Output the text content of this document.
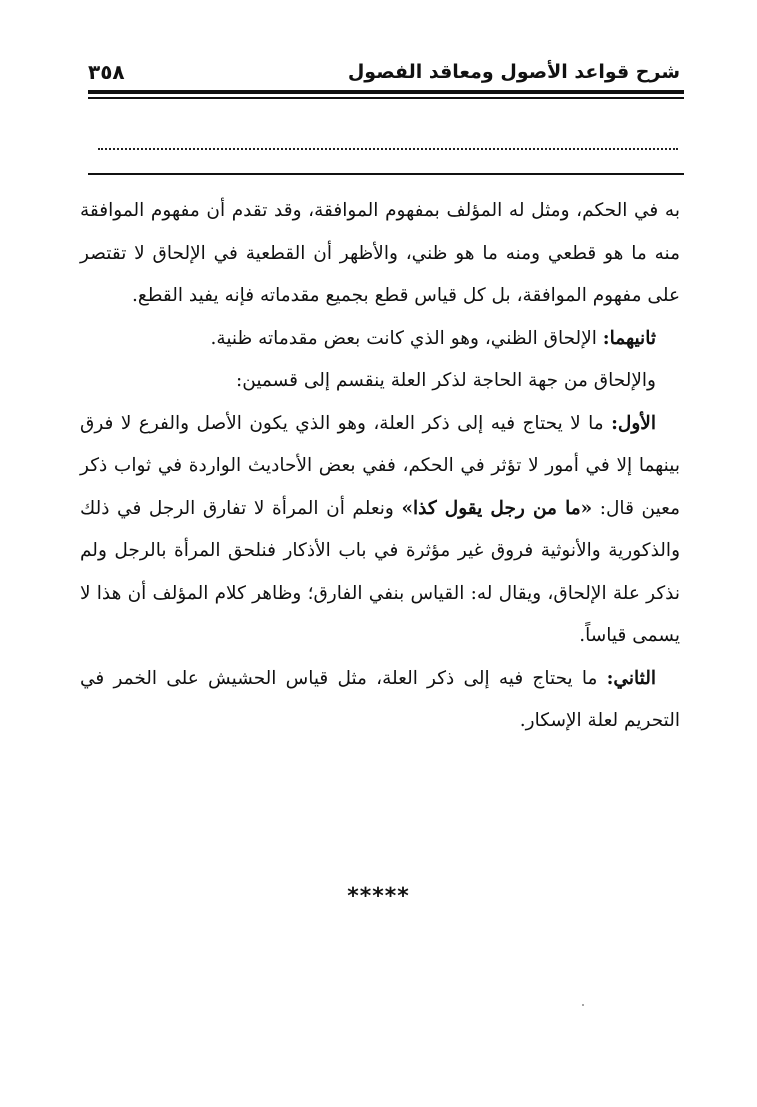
شرح قواعد الأصول ومعاقد الفصول
٣٥٨

به في الحكم، ومثل له المؤلف بمفهوم الموافقة، وقد تقدم أن مفهوم الموافقة منه ما هو قطعي ومنه ما هو ظني، والأظهر أن القطعية في الإلحاق لا تقتصر على مفهوم الموافقة، بل كل قياس قطع بجميع مقدماته فإنه يفيد القطع.

ثانيهما: الإلحاق الظني، وهو الذي كانت بعض مقدماته ظنية.

والإلحاق من جهة الحاجة لذكر العلة ينقسم إلى قسمين:

الأول: ما لا يحتاج فيه إلى ذكر العلة، وهو الذي يكون الأصل والفرع لا فرق بينهما إلا في أمور لا تؤثر في الحكم، ففي بعض الأحاديث الواردة في ثواب ذكر معين قال: «ما من رجل يقول كذا» ونعلم أن المرأة لا تفارق الرجل في ذلك والذكورية والأنوثية فروق غير مؤثرة في باب الأذكار فنلحق المرأة بالرجل ولم نذكر علة الإلحاق، ويقال له: القياس بنفي الفارق؛ وظاهر كلام المؤلف أن هذا لا يسمى قياساً.

الثاني: ما يحتاج فيه إلى ذكر العلة، مثل قياس الحشيش على الخمر في التحريم لعلة الإسكار.

*****
